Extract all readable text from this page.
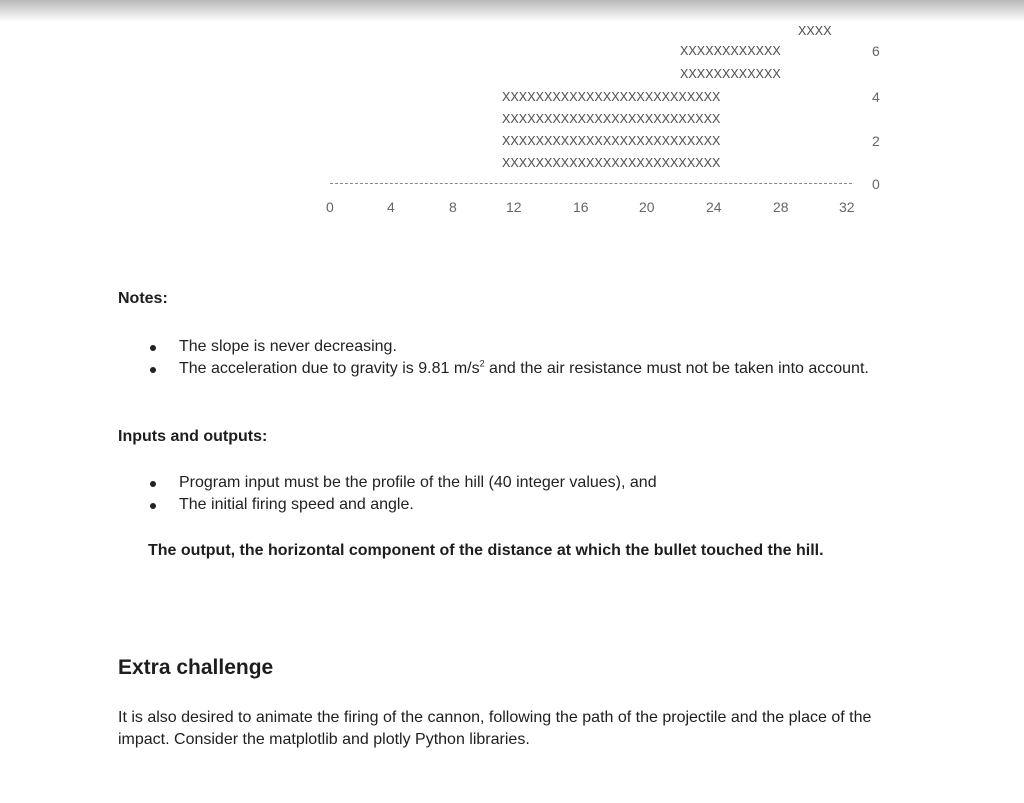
XXXX
XXXXXXXXXXXX
XXXXXXXXXXXX
XXXXXXXXXXXXXXXXXXXXXXXXXX
XXXXXXXXXXXXXXXXXXXXXXXXXX
XXXXXXXXXXXXXXXXXXXXXXXXXX
XXXXXXXXXXXXXXXXXXXXXXXXXX
6
4
2
0
0	4	8	12	16	20	24	28	32
Notes:
The slope is never decreasing.
The acceleration due to gravity is 9.81 $m/s^2$ and the air resistance must not be taken into account.
Inputs and outputs:
Program input must be the profile of the hill (40 integer values), and
The initial firing speed and angle.
The output, the horizontal component of the distance at which the bullet touched the hill.
Extra challenge
It is also desired to animate the firing of the cannon, following the path of the projectile and the place of the impact. Consider the matplotlib and plotly Python libraries.
